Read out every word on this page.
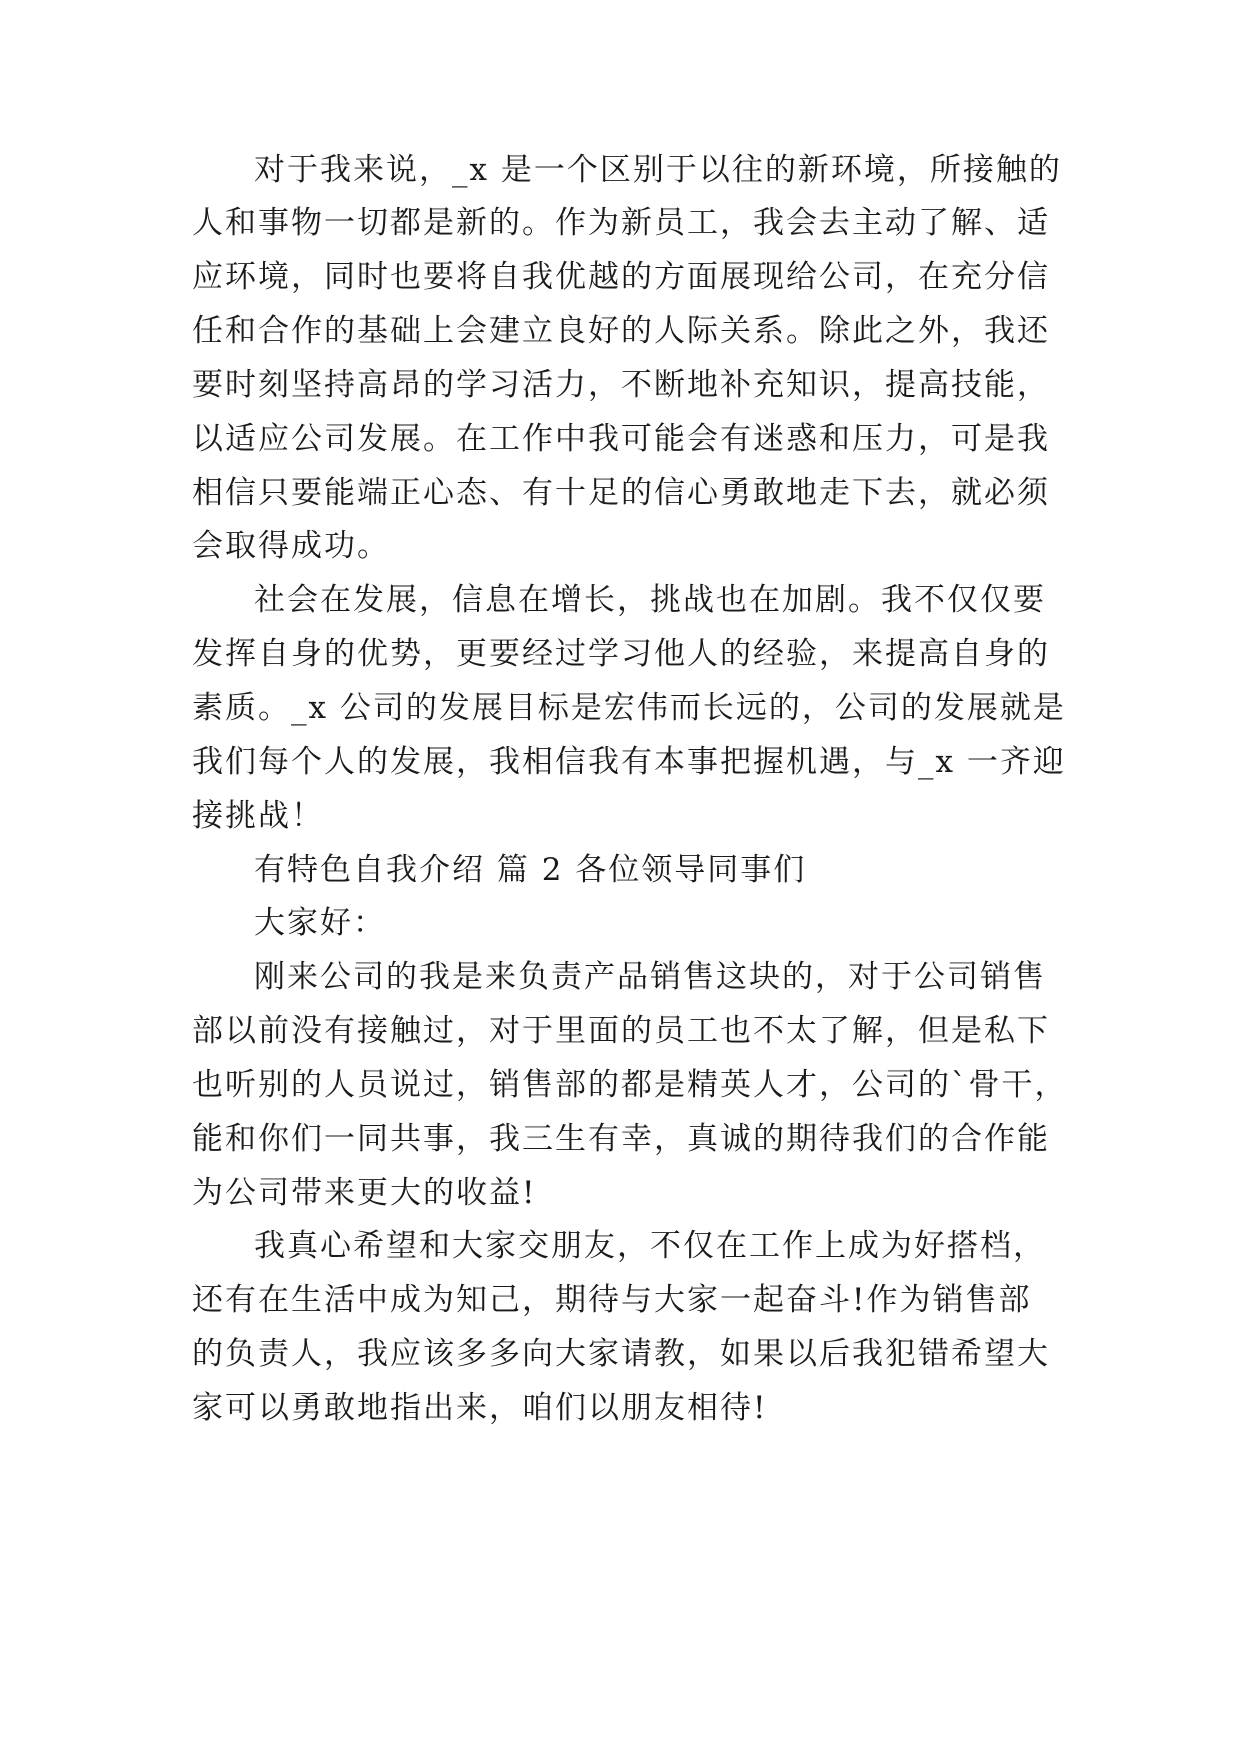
对于我来说，_x 是一个区别于以往的新环境，所接触的
人和事物一切都是新的。作为新员工，我会去主动了解、适
应环境，同时也要将自我优越的方面展现给公司，在充分信
任和合作的基础上会建立良好的人际关系。除此之外，我还
要时刻坚持高昂的学习活力，不断地补充知识，提高技能，
以适应公司发展。在工作中我可能会有迷惑和压力，可是我
相信只要能端正心态、有十足的信心勇敢地走下去，就必须
会取得成功。
社会在发展，信息在增长，挑战也在加剧。我不仅仅要
发挥自身的优势，更要经过学习他人的经验，来提高自身的
素质。_x 公司的发展目标是宏伟而长远的，公司的发展就是
我们每个人的发展，我相信我有本事把握机遇，与_x 一齐迎
接挑战！
有特色自我介绍 篇 2 各位领导同事们
大家好：
刚来公司的我是来负责产品销售这块的，对于公司销售
部以前没有接触过，对于里面的员工也不太了解，但是私下
也听别的人员说过，销售部的都是精英人才，公司的`骨干，
能和你们一同共事，我三生有幸，真诚的期待我们的合作能
为公司带来更大的收益!
我真心希望和大家交朋友，不仅在工作上成为好搭档，
还有在生活中成为知己，期待与大家一起奋斗!作为销售部
的负责人，我应该多多向大家请教，如果以后我犯错希望大
家可以勇敢地指出来，咱们以朋友相待!
